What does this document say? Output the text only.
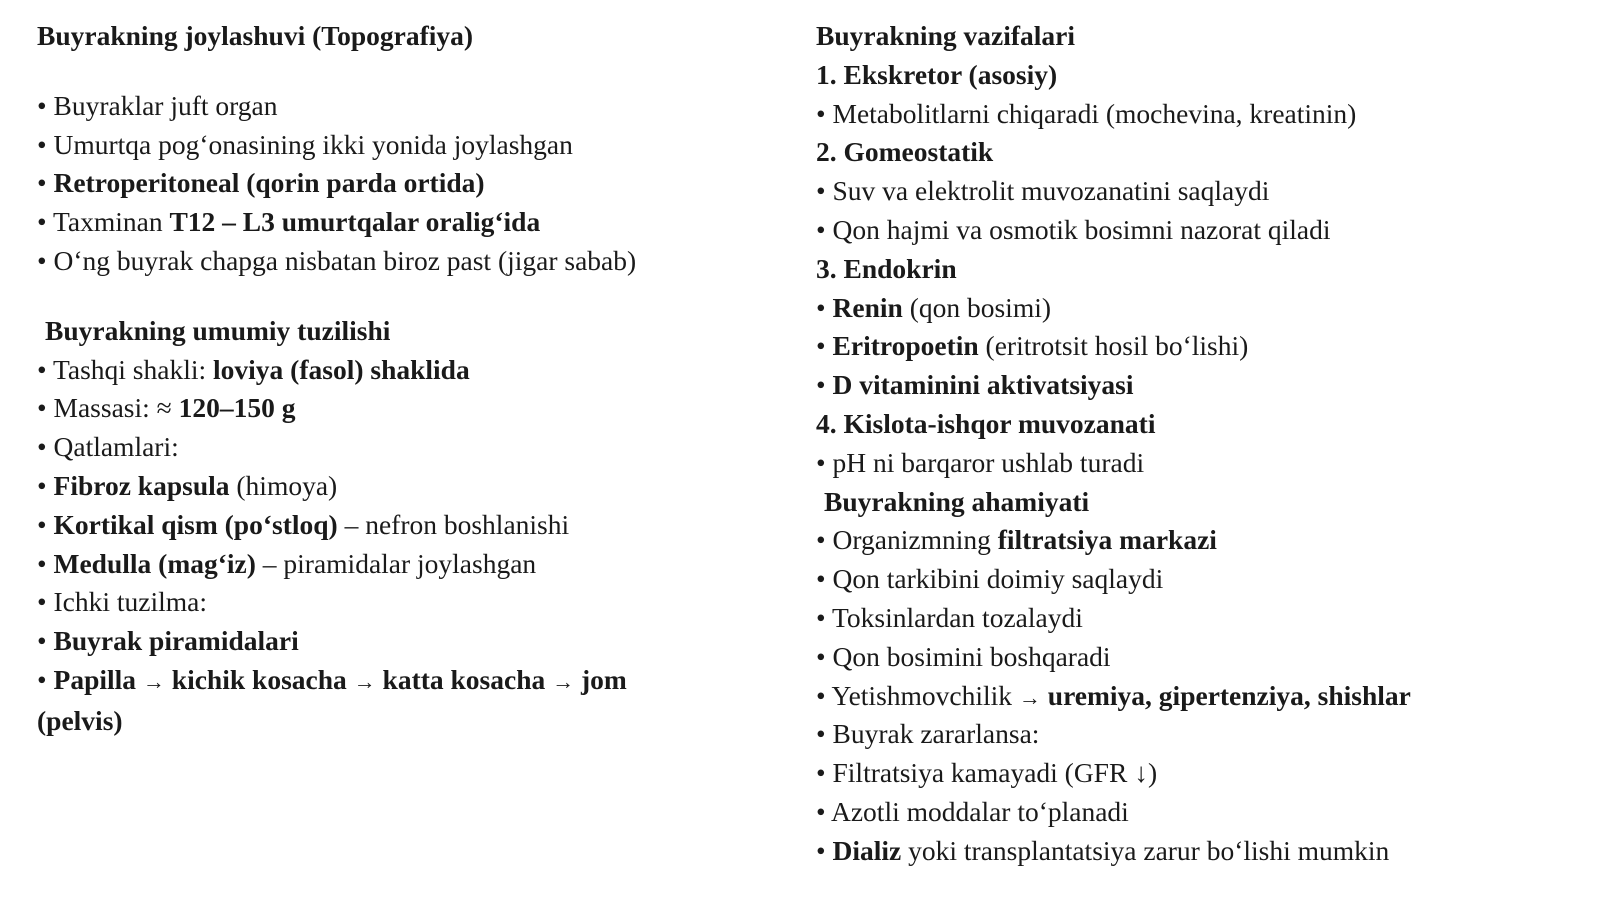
Buyrakning joylashuvi (Topografiya)
• Buyraklar juft organ
• Umurtqa pog‘onasining ikki yonida joylashgan
• Retroperitoneal (qorin parda ortida)
• Taxminan T12 – L3 umurtqalar oralig‘ida
• O‘ng buyrak chapga nisbatan biroz past (jigar sabab)
Buyrakning umumiy tuzilishi
• Tashqi shakli: loviya (fasol) shaklida
• Massasi: ≈ 120–150 g
• Qatlamlari:
• Fibroz kapsula (himoya)
• Kortikal qism (po‘stloq) – nefron boshlanishi
• Medulla (mag‘iz) – piramidalar joylashgan
• Ichki tuzilma:
• Buyrak piramidalari
• Papilla → kichik kosacha → katta kosacha → jom
(pelvis)
Buyrakning vazifalari
1. Ekskretor (asosiy)
• Metabolitlarni chiqaradi (mochevina, kreatinin)
2. Gomeostatik
• Suv va elektrolit muvozanatini saqlaydi
• Qon hajmi va osmotik bosimni nazorat qiladi
3. Endokrin
• Renin (qon bosimi)
• Eritropoetin (eritrotsit hosil bo‘lishi)
• D vitaminini aktivatsiyasi
4. Kislota-ishqor muvozanati
• pH ni barqaror ushlab turadi
Buyrakning ahamiyati
• Organizmning filtratsiya markazi
• Qon tarkibini doimiy saqlaydi
• Toksinlardan tozalaydi
• Qon bosimini boshqaradi
• Yetishmovchilik → uremiya, gipertenziya, shishlar
• Buyrak zararlansa:
• Filtratsiya kamayadi (GFR ↓)
• Azotli moddalar to‘planadi
• Dializ yoki transplantatsiya zarur bo‘lishi mumkin
